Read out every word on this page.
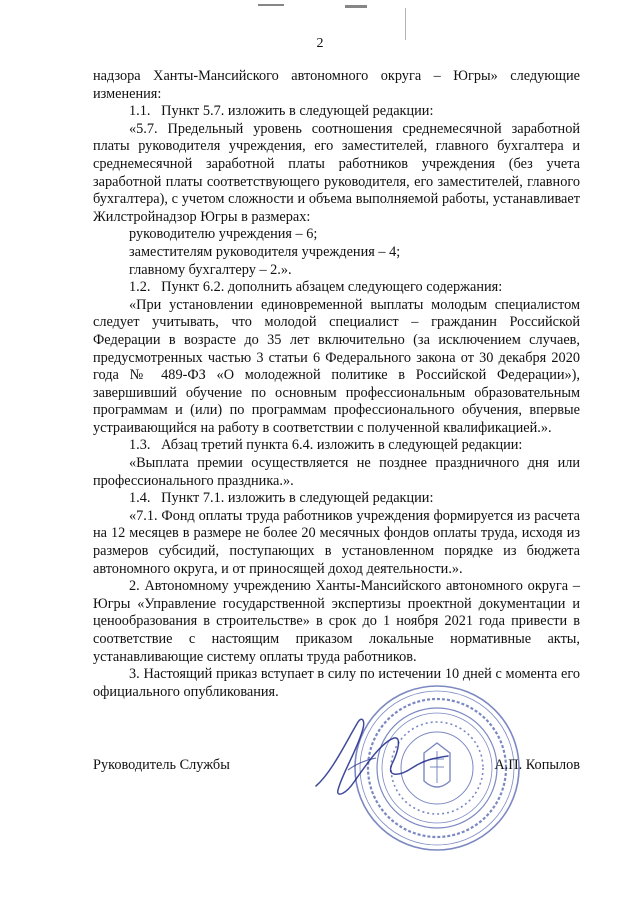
2

надзора Ханты-Мансийского автономного округа – Югры» следующие изменения:

1.1.   Пункт 5.7. изложить в следующей редакции:

«5.7. Предельный уровень соотношения среднемесячной заработной платы руководителя учреждения, его заместителей, главного бухгалтера и среднемесячной заработной платы работников учреждения (без учета заработной платы соответствующего руководителя, его заместителей, главного бухгалтера), с учетом сложности и объема выполняемой работы, устанавливает Жилстройнадзор Югры в размерах:

руководителю учреждения – 6;

заместителям руководителя учреждения – 4;

главному бухгалтеру – 2.».

1.2.   Пункт 6.2. дополнить абзацем следующего содержания:

«При установлении единовременной выплаты молодым специалистом следует учитывать, что молодой специалист – гражданин Российской Федерации в возрасте до 35 лет включительно (за исключением случаев, предусмотренных частью 3 статьи 6 Федерального закона от 30 декабря 2020 года № 489-ФЗ «О молодежной политике в Российской Федерации»), завершивший обучение по основным профессиональным образовательным программам и (или) по программам профессионального обучения, впервые устраивающийся на работу в соответствии с полученной квалификацией.».

1.3.   Абзац третий пункта 6.4. изложить в следующей редакции:

«Выплата премии осуществляется не позднее праздничного дня или профессионального праздника.».

1.4.   Пункт 7.1. изложить в следующей редакции:

«7.1. Фонд оплаты труда работников учреждения формируется из расчета на 12 месяцев в размере не более 20 месячных фондов оплаты труда, исходя из размеров субсидий, поступающих в установленном порядке из бюджета автономного округа, и от приносящей доход деятельности.».

2. Автономному учреждению Ханты-Мансийского автономного округа – Югры «Управление государственной экспертизы проектной документации и ценообразования в строительстве» в срок до 1 ноября 2021 года привести в соответствие с настоящим приказом локальные нормативные акты, устанавливающие систему оплаты труда работников.

3. Настоящий приказ вступает в силу по истечении 10 дней с момента его официального опубликования.

Руководитель Службы	А.П. Копылов
